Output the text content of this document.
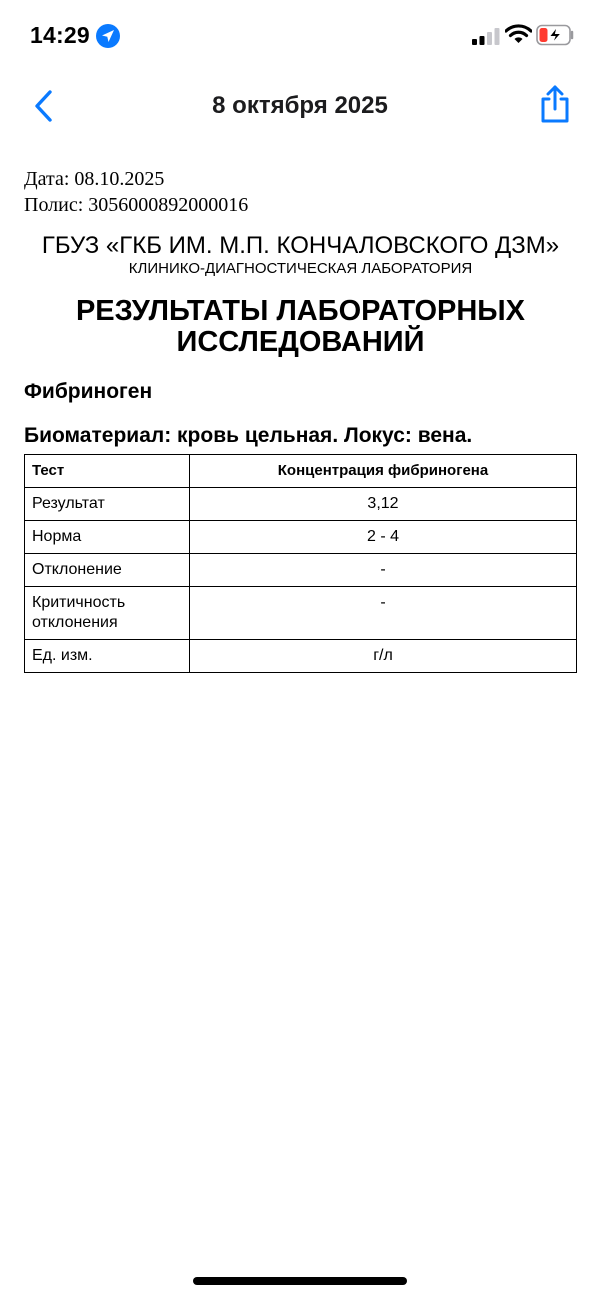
14:29
8 октября 2025
Дата: 08.10.2025
Полис: 3056000892000016
ГБУЗ «ГКБ ИМ. М.П. КОНЧАЛОВСКОГО ДЗМ»
КЛИНИКО-ДИАГНОСТИЧЕСКАЯ ЛАБОРАТОРИЯ
РЕЗУЛЬТАТЫ ЛАБОРАТОРНЫХ ИССЛЕДОВАНИЙ
Фибриноген
Биоматериал: кровь цельная. Локус: вена.
Тест	Концентрация фибриногена
Результат	3,12
Норма	2 - 4
Отклонение	-
Критичность отклонения	-
Ед. изм.	г/л
